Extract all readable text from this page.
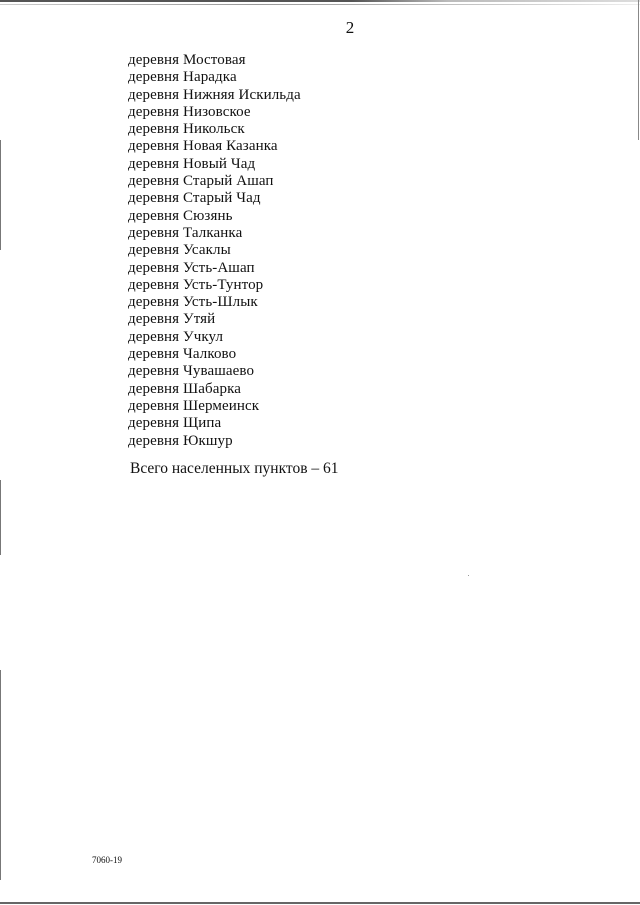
2
деревня Мостовая
деревня Нарадка
деревня Нижняя Искильда
деревня Низовское
деревня Никольск
деревня Новая Казанка
деревня Новый Чад
деревня Старый Ашап
деревня Старый Чад
деревня Сюзянь
деревня Талканка
деревня Усаклы
деревня Усть-Ашап
деревня Усть-Тунтор
деревня Усть-Шлык
деревня Утяй
деревня Учкул
деревня Чалково
деревня Чувашаево
деревня Шабарка
деревня Шермеинск
деревня Щипа
деревня Юкшур
Всего населенных пунктов – 61
7060-19
